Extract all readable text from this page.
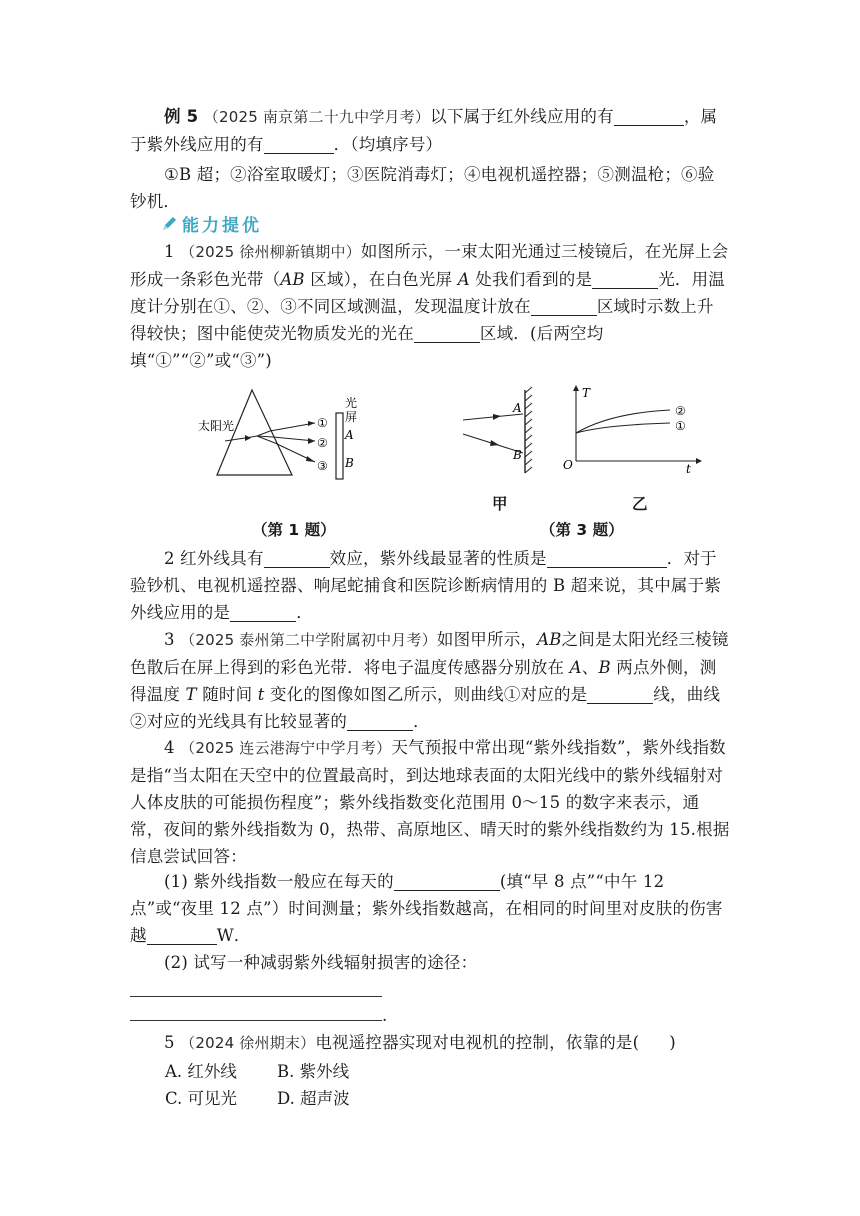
例 5 （2025 南京第二十九中学月考）以下属于红外线应用的有	，属于紫外线应用的有	．（均填序号）
①B 超；②浴室取暖灯；③医院消毒灯；④电视机遥控器；⑤测温枪；⑥验钞机．
能力提优
1 （2025 徐州柳新镇期中）如图所示，一束太阳光通过三棱镜后，在光屏上会形成一条彩色光带（AB 区域），在白色光屏 A 处我们看到的是	光．用温度计分别在①、②、③不同区域测温，发现温度计放在	区域时示数上升得较快；图中能使荧光物质发光的光在	区域．(后两空均填“①”“②”或“③”)
太阳光	①
②
③
光
屏
A
B
A
B
T
O	t
②
①
甲	乙
（第 1 题）	（第 3 题）
2 红外线具有	效应，紫外线最显著的性质是	．对于验钞机、电视机遥控器、响尾蛇捕食和医院诊断病情用的 B 超来说，其中属于紫外线应用的是	．
3 （2025 泰州第二中学附属初中月考）如图甲所示，AB之间是太阳光经三棱镜色散后在屏上得到的彩色光带．将电子温度传感器分别放在 A、B 两点外侧，测得温度 T 随时间 t 变化的图像如图乙所示，则曲线①对应的是	线，曲线②对应的光线具有比较显著的	．
4 （2025 连云港海宁中学月考）天气预报中常出现“紫外线指数”，紫外线指数是指“当太阳在天空中的位置最高时，到达地球表面的太阳光线中的紫外线辐射对人体皮肤的可能损伤程度”；紫外线指数变化范围用 0～15 的数字来表示，通常，夜间的紫外线指数为 0，热带、高原地区、晴天时的紫外线指数约为 15.根据信息尝试回答：
(1) 紫外线指数一般应在每天的	(填“早 8 点”“中午 12 点”或“夜里 12 点”）时间测量；紫外线指数越高，在相同的时间里对皮肤的伤害越	W．
(2) 试写一种减弱紫外线辐射损害的途径：
.
5 （2024 徐州期末）电视遥控器实现对电视机的控制，依靠的是( )
A. 红外线 B. 紫外线
C. 可见光 D. 超声波
